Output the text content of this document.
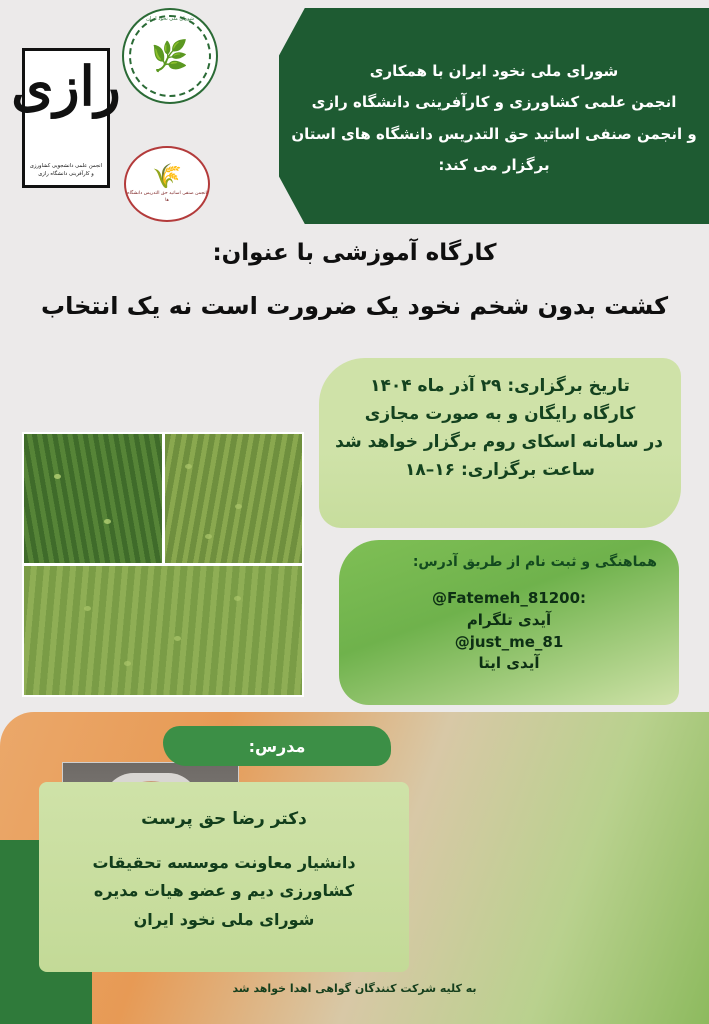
شورای ملی نخود ایران با همکاری
انجمن علمی کشاورزی و کارآفرینی دانشگاه رازی
و انجمن صنفی اساتید حق التدریس دانشگاه های استان
برگزار می کند:
رازی
انجمن علمی دانشجویی کشاورزی و کارآفرینی دانشگاه رازی
شورای ملی نخود ایران
🌿
🌾
انجمن صنفی اساتید حق التدریس دانشگاه ها
کارگاه آموزشی با عنوان:
کشت بدون شخم نخود یک ضرورت است نه یک انتخاب
تاریخ برگزاری: ۲۹ آذر ماه ۱۴۰۴
کارگاه رایگان و به صورت مجازی
در سامانه اسکای روم برگزار خواهد شد
ساعت برگزاری: ۱۶–۱۸
هماهنگی و ثبت نام از طریق آدرس:
@Fatemeh_81200:
آیدی تلگرام
@just_me_81
آیدی ایتا
مدرس:
دکتر رضا حق پرست
دانشیار معاونت موسسه تحقیقات
کشاورزی دیم و عضو هیات مدیره
شورای ملی نخود ایران
به کلیه شرکت کنندگان گواهی اهدا خواهد شد
